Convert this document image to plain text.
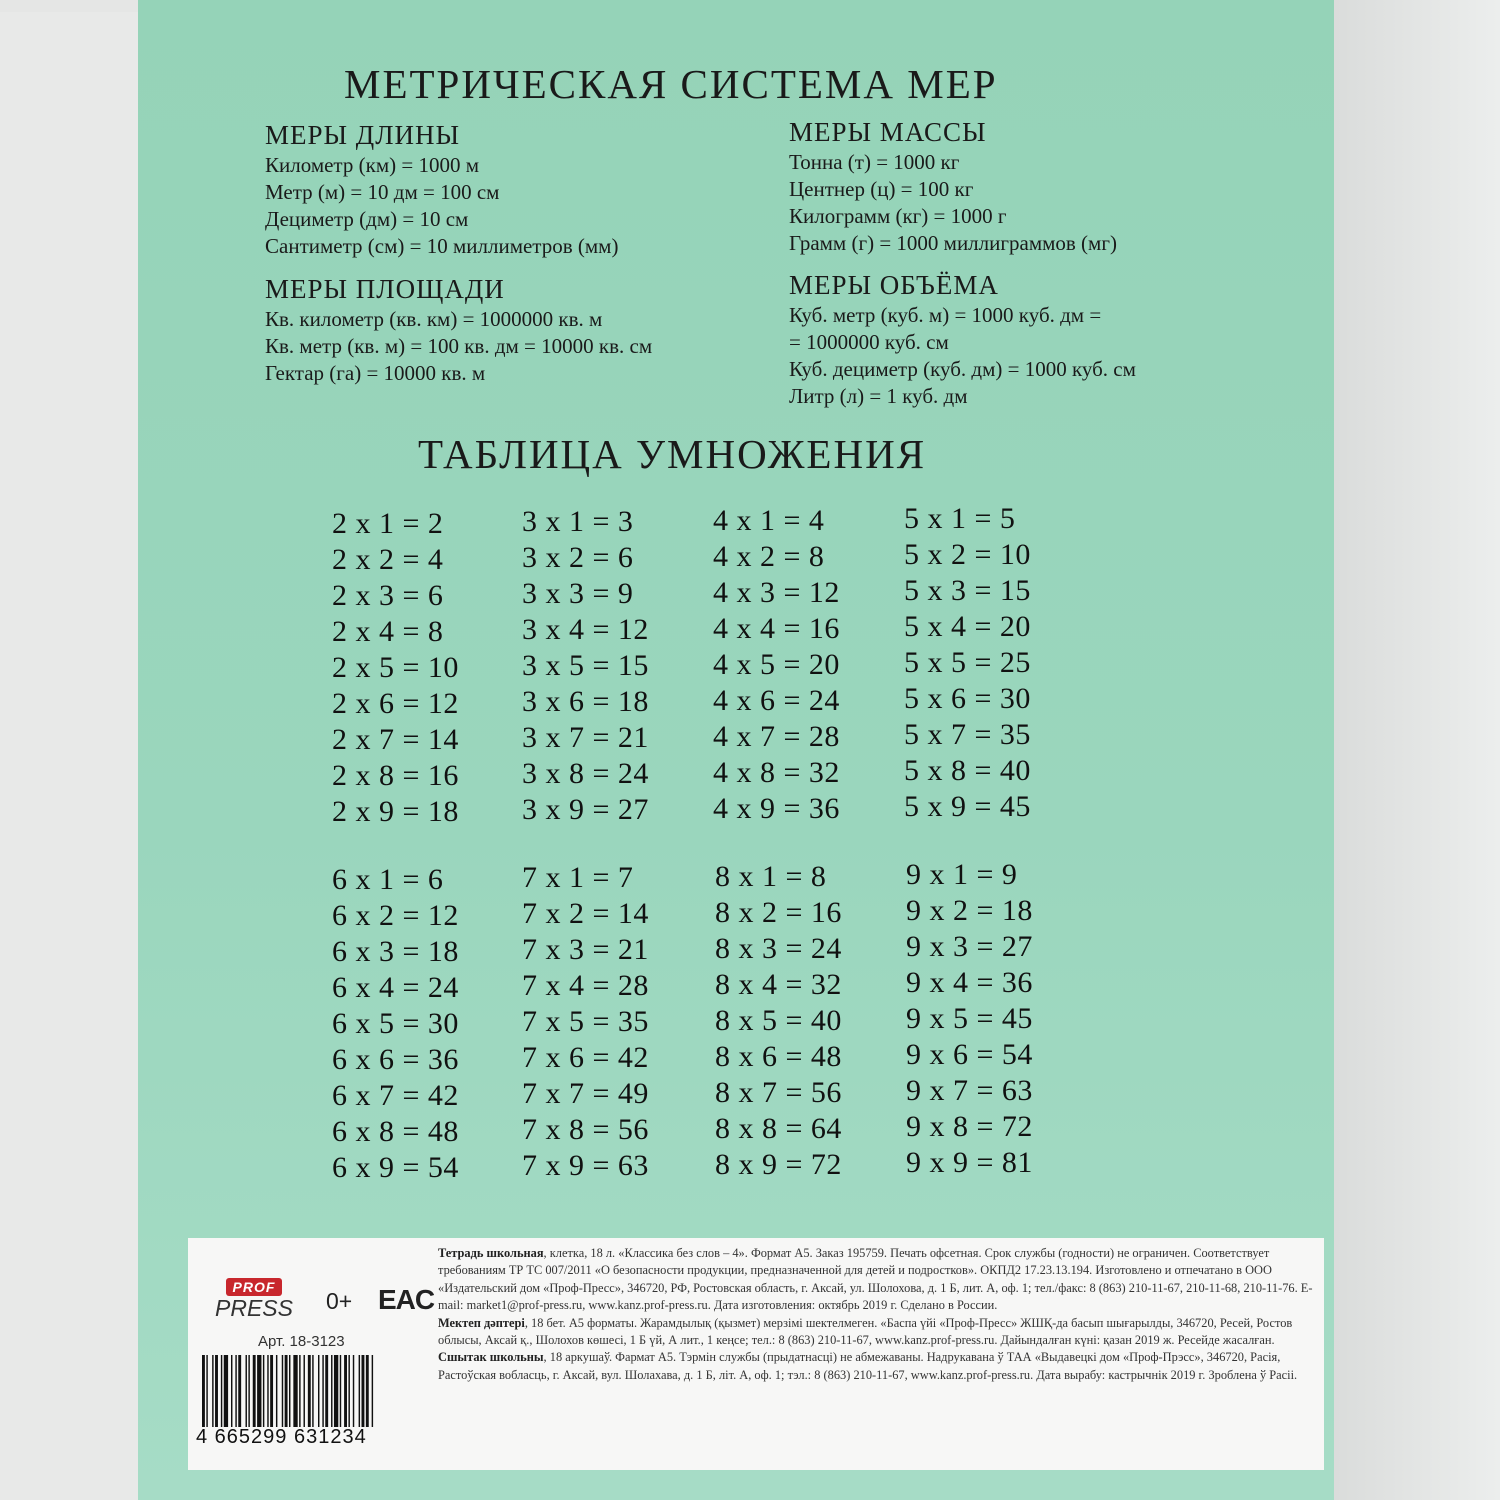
МЕТРИЧЕСКАЯ СИСТЕМА МЕР
МЕРЫ ДЛИНЫ
Километр (км) = 1000 м
Метр (м) = 10 дм = 100 см
Дециметр (дм) = 10 см
Сантиметр (см) = 10 миллиметров (мм)
МЕРЫ МАССЫ
Тонна (т) = 1000 кг
Центнер (ц) = 100 кг
Килограмм (кг) = 1000 г
Грамм (г) = 1000 миллиграммов (мг)
МЕРЫ ПЛОЩАДИ
Кв. километр (кв. км) = 1000000 кв. м
Кв. метр (кв. м) = 100 кв. дм = 10000 кв. см
Гектар (га) = 10000 кв. м
МЕРЫ ОБЪЁМА
Куб. метр (куб. м) = 1000 куб. дм =
= 1000000 куб. см
Куб. дециметр (куб. дм) = 1000 куб. см
Литр (л) = 1 куб. дм
ТАБЛИЦА УМНОЖЕНИЯ
2 x 1 = 2
2 x 2 = 4
2 x 3 = 6
2 x 4 = 8
2 x 5 = 10
2 x 6 = 12
2 x 7 = 14
2 x 8 = 16
2 x 9 = 18
3 x 1 = 3
3 x 2 = 6
3 x 3 = 9
3 x 4 = 12
3 x 5 = 15
3 x 6 = 18
3 x 7 = 21
3 x 8 = 24
3 x 9 = 27
4 x 1 = 4
4 x 2 = 8
4 x 3 = 12
4 x 4 = 16
4 x 5 = 20
4 x 6 = 24
4 x 7 = 28
4 x 8 = 32
4 x 9 = 36
5 x 1 = 5
5 x 2 = 10
5 x 3 = 15
5 x 4 = 20
5 x 5 = 25
5 x 6 = 30
5 x 7 = 35
5 x 8 = 40
5 x 9 = 45
6 x 1 = 6
6 x 2 = 12
6 x 3 = 18
6 x 4 = 24
6 x 5 = 30
6 x 6 = 36
6 x 7 = 42
6 x 8 = 48
6 x 9 = 54
7 x 1 = 7
7 x 2 = 14
7 x 3 = 21
7 x 4 = 28
7 x 5 = 35
7 x 6 = 42
7 x 7 = 49
7 x 8 = 56
7 x 9 = 63
8 x 1 = 8
8 x 2 = 16
8 x 3 = 24
8 x 4 = 32
8 x 5 = 40
8 x 6 = 48
8 x 7 = 56
8 x 8 = 64
8 x 9 = 72
9 x 1 = 9
9 x 2 = 18
9 x 3 = 27
9 x 4 = 36
9 x 5 = 45
9 x 6 = 54
9 x 7 = 63
9 x 8 = 72
9 x 9 = 81
PROF
PRESS	0+ EAC
Арт. 18-3123
4 665299 631234
Тетрадь школьная, клетка, 18 л. «Классика без слов – 4». Формат А5. Заказ 195759. Печать офсетная. Срок службы (годности) не ограничен. Соответствует требованиям ТР ТС 007/2011 «О безопасности продукции, предназначенной для детей и подростков». ОКПД2 17.23.13.194. Изготовлено и отпечатано в ООО «Издательский дом «Проф-Пресс», 346720, РФ, Ростовская область, г. Аксай, ул. Шолохова, д. 1 Б, лит. А, оф. 1; тел./факс: 8 (863) 210-11-67, 210-11-68, 210-11-76. E-mail: market1@prof-press.ru, www.kanz.prof-press.ru. Дата изготовления: октябрь 2019 г. Сделано в России.
Мектеп дәптері, 18 бет. А5 форматы. Жарамдылық (қызмет) мерзімі шектелмеген. «Баспа үйі «Проф-Пресс» ЖШҚ-да басып шығарылды, 346720, Ресей, Ростов облысы, Аксай қ., Шолохов көшесі, 1 Б үй, А лит., 1 кеңсе; тел.: 8 (863) 210-11-67, www.kanz.prof-press.ru. Дайындалған күні: қазан 2019 ж. Ресейде жасалған.
Сшытак школьны, 18 аркушаў. Фармат А5. Тэрмін службы (прыдатнасці) не абмежаваны. Надрукавана ў ТАА «Выдавецкі дом «Проф-Прэсс», 346720, Расія, Растоўская вобласць, г. Аксай, вул. Шолахава, д. 1 Б, літ. А, оф. 1; тэл.: 8 (863) 210-11-67, www.kanz.prof-press.ru. Дата вырабу: кастрычнік 2019 г. Зроблена ў Расіі.
